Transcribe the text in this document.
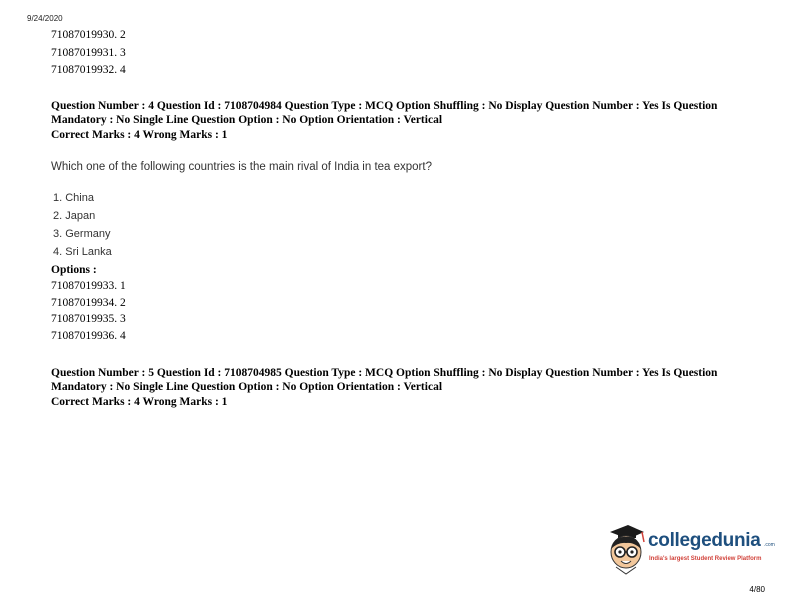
9/24/2020
71087019930. 2
71087019931. 3
71087019932. 4
Question Number : 4 Question Id : 7108704984 Question Type : MCQ Option Shuffling : No Display Question Number : Yes Is Question
Mandatory : No Single Line Question Option : No Option Orientation : Vertical
Correct Marks : 4 Wrong Marks : 1
Which one of the following countries is the main rival of India in tea export?
1. China
2. Japan
3. Germany
4. Sri Lanka
Options :
71087019933. 1
71087019934. 2
71087019935. 3
71087019936. 4
Question Number : 5 Question Id : 7108704985 Question Type : MCQ Option Shuffling : No Display Question Number : Yes Is Question
Mandatory : No Single Line Question Option : No Option Orientation : Vertical
Correct Marks : 4 Wrong Marks : 1
collegedunia .com
India's largest Student Review Platform
4/80
